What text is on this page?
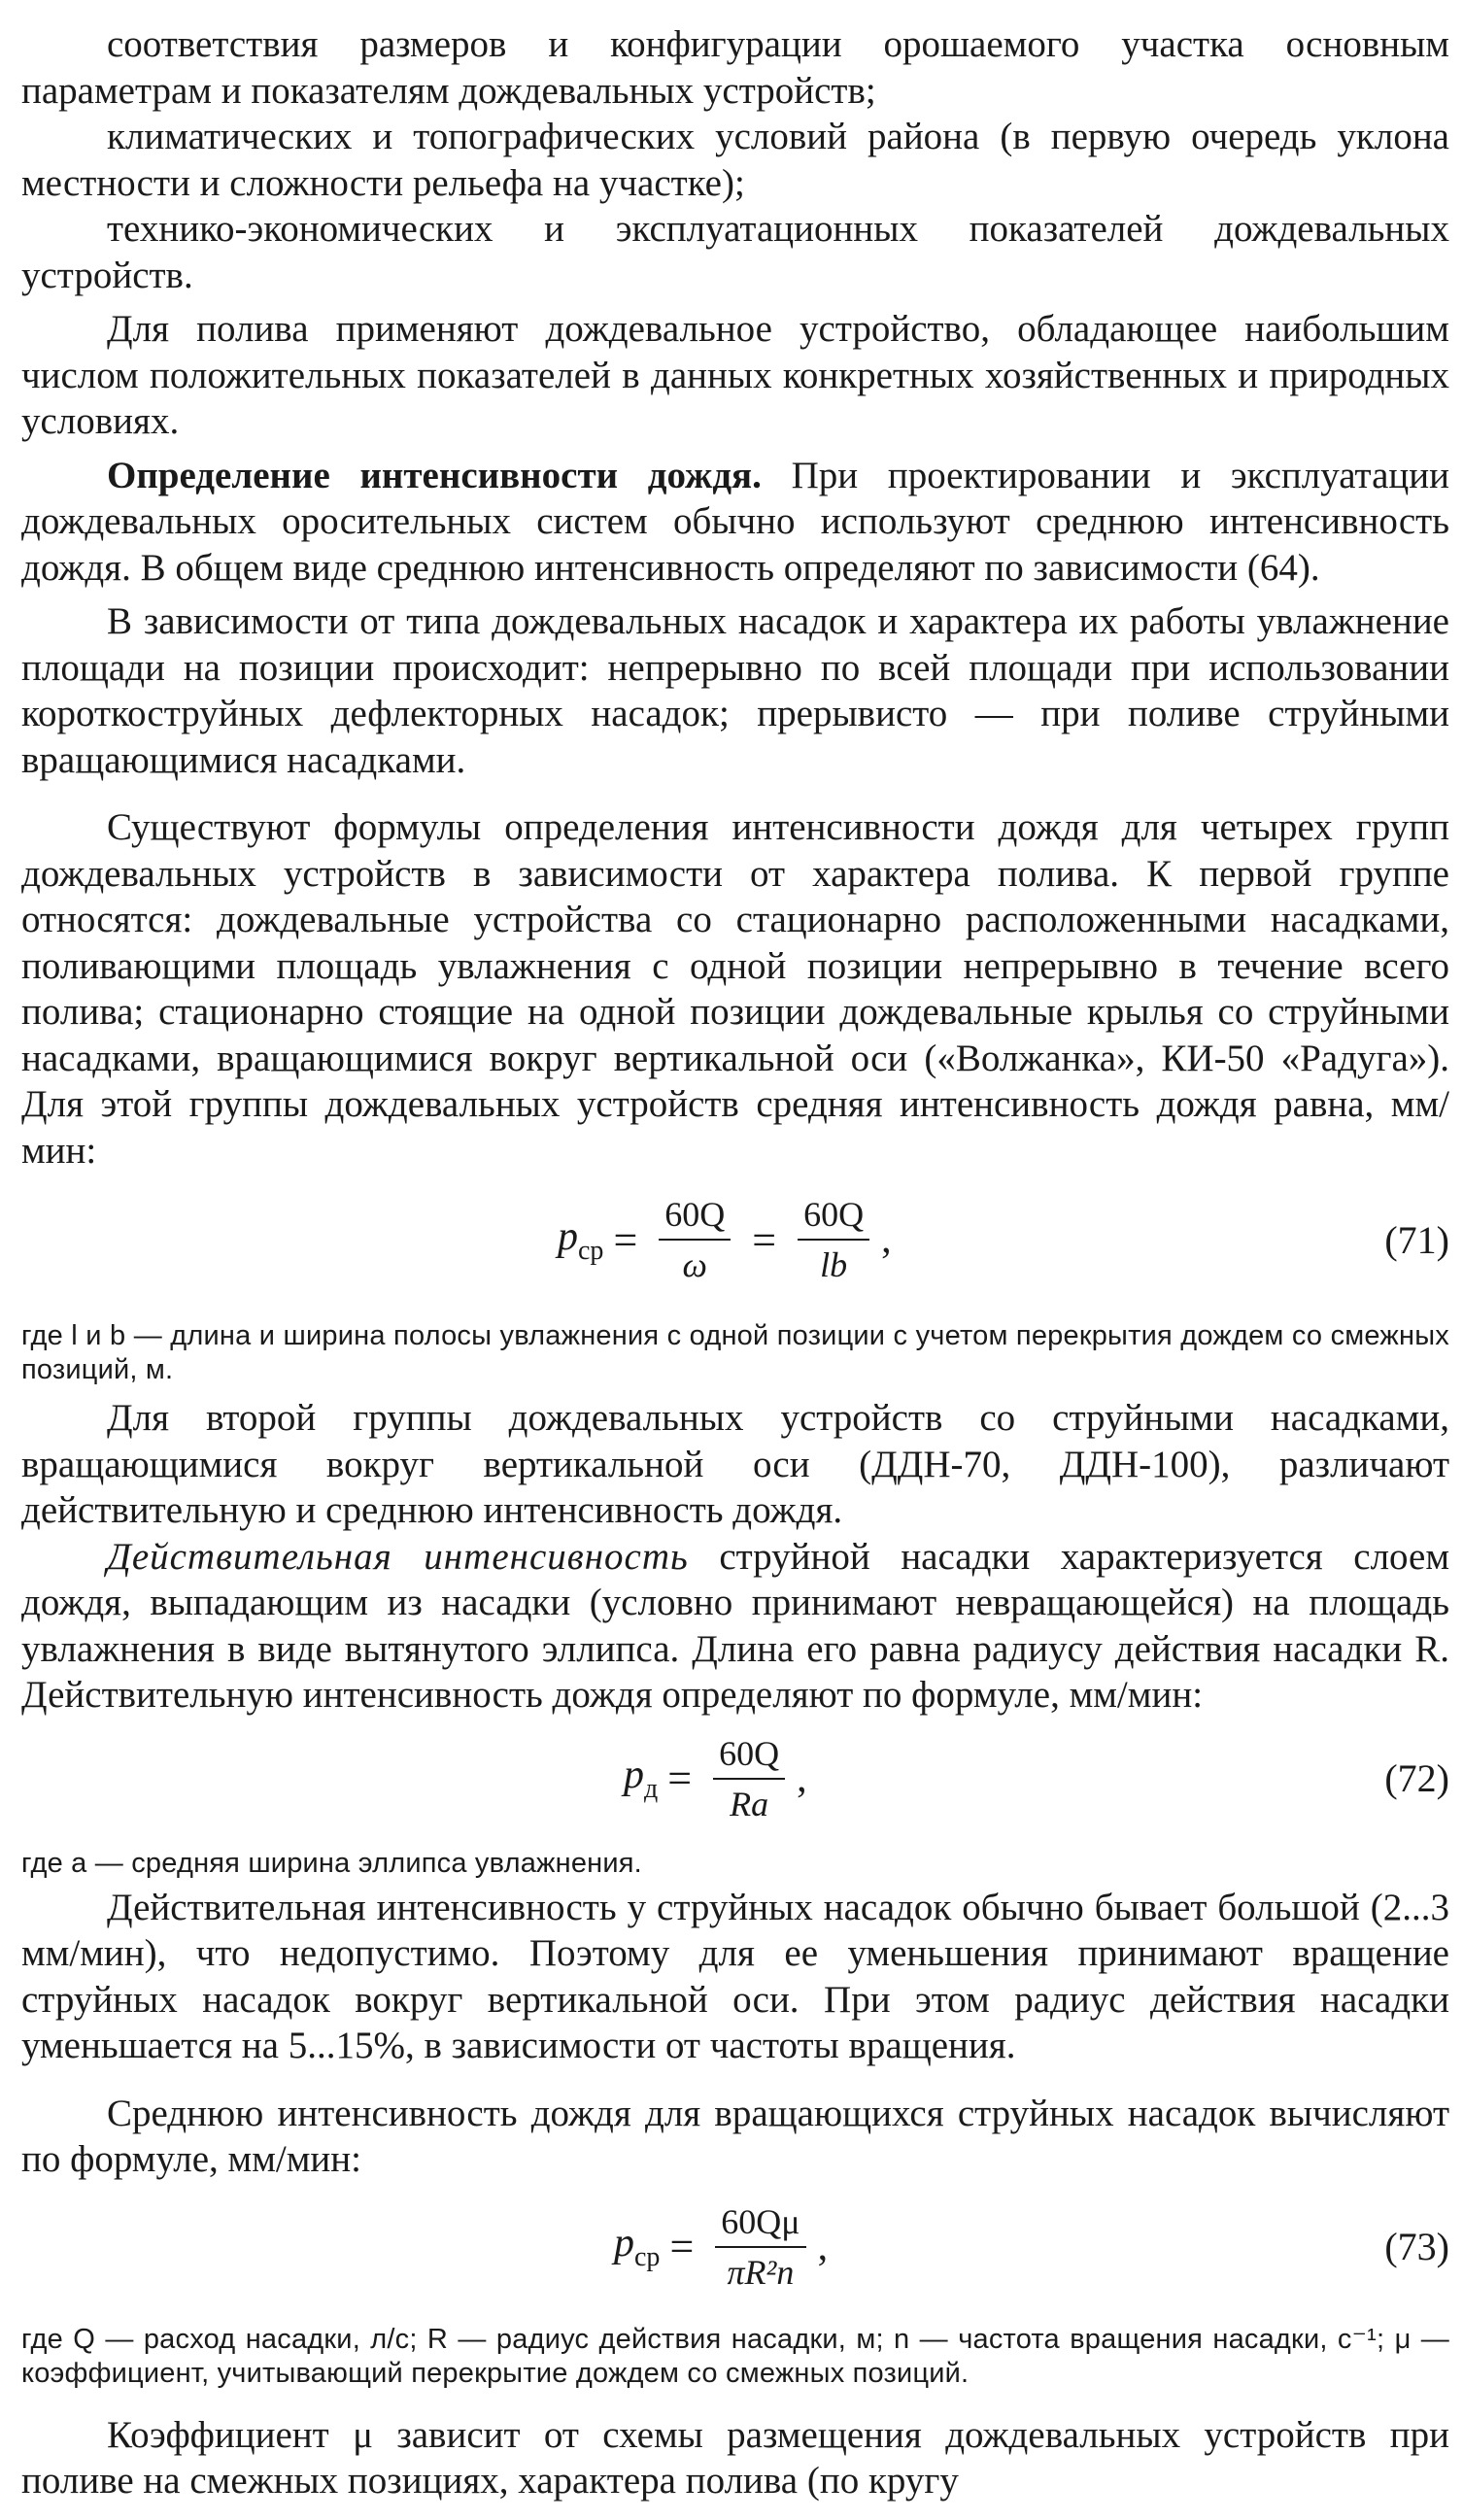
соответствия размеров и конфигурации орошаемого участка основным параметрам и показателям дождевальных устройств;

климатических и топографических условий района (в первую очередь уклона местности и сложности рельефа на участке);

технико-экономических и эксплуатационных показателей дождевальных устройств.

Для полива применяют дождевальное устройство, обладающее наибольшим числом положительных показателей в данных конкретных хозяйственных и природных условиях.

Определение интенсивности дождя. При проектировании и эксплуатации дождевальных оросительных систем обычно используют среднюю интенсивность дождя. В общем виде среднюю интенсивность определяют по зависимости (64).

В зависимости от типа дождевальных насадок и характера их работы увлажнение площади на позиции происходит: непрерывно по всей площади при использовании короткоструйных дефлекторных насадок; прерывисто — при поливе струйными вращающимися насадками.

Существуют формулы определения интенсивности дождя для четырех групп дождевальных устройств в зависимости от характера полива. К первой группе относятся: дождевальные устройства со стационарно расположенными насадками, поливающими площадь увлажнения с одной позиции непрерывно в течение всего полива; стационарно стоящие на одной позиции дождевальные крылья со струйными насадками, вращающимися вокруг вертикальной оси («Волжанка», КИ-50 «Радуга»). Для этой группы дождевальных устройств средняя интенсивность дождя равна, мм/мин:

$p_{ср} = \frac{60Q}{\omega} = \frac{60Q}{lb}$ ,	(71)

где l и b — длина и ширина полосы увлажнения с одной позиции с учетом перекрытия дождем со смежных позиций, м.

Для второй группы дождевальных устройств со струйными насадками, вращающимися вокруг вертикальной оси (ДДН-70, ДДН-100), различают действительную и среднюю интенсивность дождя.

Действительная интенсивность струйной насадки характеризуется слоем дождя, выпадающим из насадки (условно принимают невращающейся) на площадь увлажнения в виде вытянутого эллипса. Длина его равна радиусу действия насадки R. Действительную интенсивность дождя определяют по формуле, мм/мин:

$p_д = \frac{60Q}{Ra}$ ,	(72)

где a — средняя ширина эллипса увлажнения.

Действительная интенсивность у струйных насадок обычно бывает большой (2...3 мм/мин), что недопустимо. Поэтому для ее уменьшения принимают вращение струйных насадок вокруг вертикальной оси. При этом радиус действия насадки уменьшается на 5...15%, в зависимости от частоты вращения.

Среднюю интенсивность дождя для вращающихся струйных насадок вычисляют по формуле, мм/мин:

$p_{ср} = \frac{60Q\mu}{\text{πR²n}}$ ,	(73)

где Q — расход насадки, л/с; R — радиус действия насадки, м; n — частота вращения насадки, с⁻¹; μ — коэффициент, учитывающий перекрытие дождем со смежных позиций.

Коэффициент μ зависит от схемы размещения дождевальных устройств при поливе на смежных позициях, характера полива (по кругу
